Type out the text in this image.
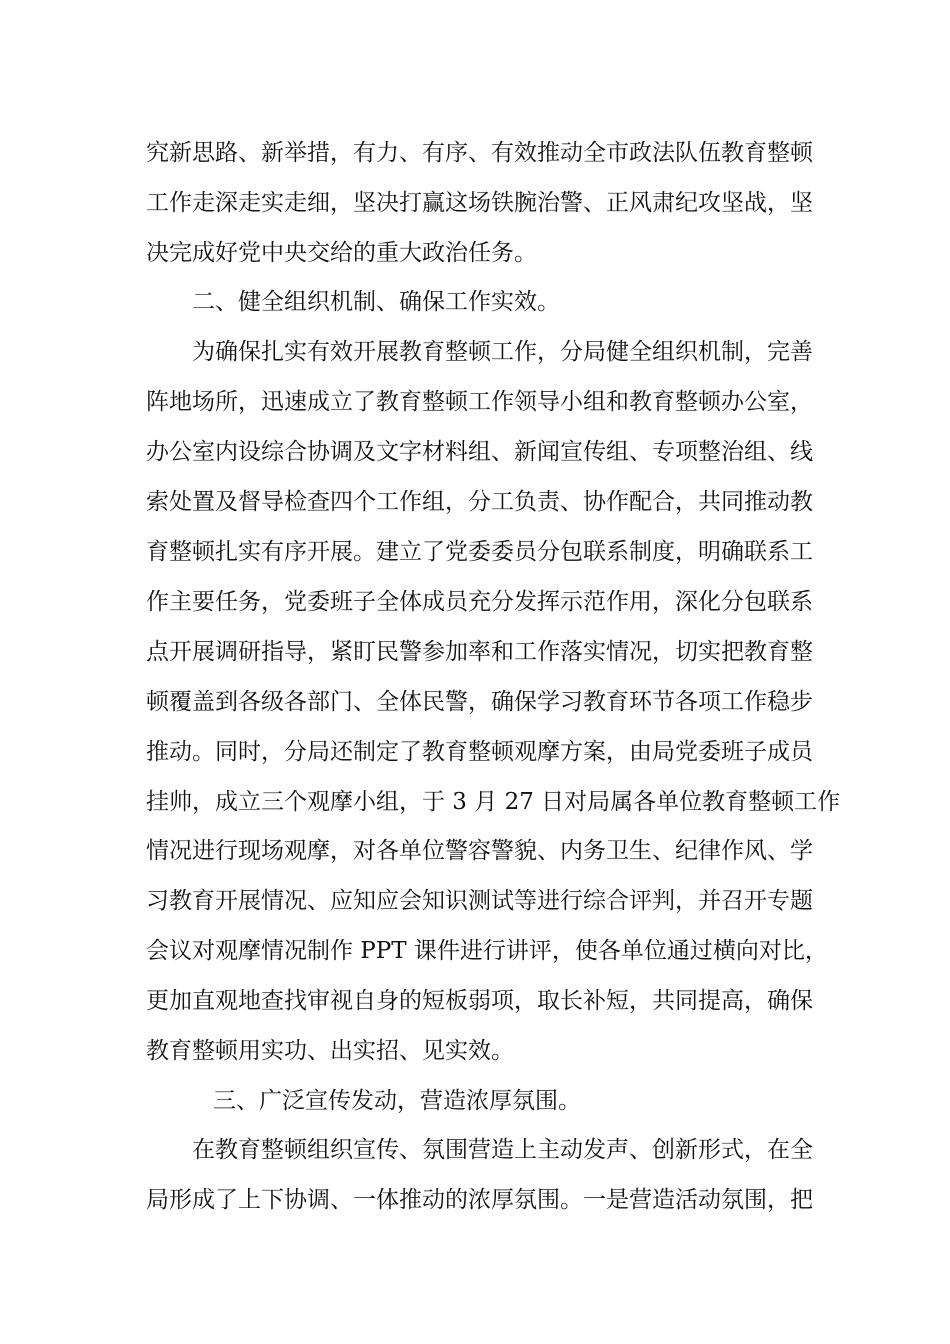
究新思路、新举措，有力、有序、有效推动全市政法队伍教育整顿
工作走深走实走细，坚决打赢这场铁腕治警、正风肃纪攻坚战，坚
决完成好党中央交给的重大政治任务。
二、健全组织机制、确保工作实效。
为确保扎实有效开展教育整顿工作，分局健全组织机制，完善
阵地场所，迅速成立了教育整顿工作领导小组和教育整顿办公室，
办公室内设综合协调及文字材料组、新闻宣传组、专项整治组、线
索处置及督导检查四个工作组，分工负责、协作配合，共同推动教
育整顿扎实有序开展。建立了党委委员分包联系制度，明确联系工
作主要任务，党委班子全体成员充分发挥示范作用，深化分包联系
点开展调研指导，紧盯民警参加率和工作落实情况，切实把教育整
顿覆盖到各级各部门、全体民警，确保学习教育环节各项工作稳步
推动。同时，分局还制定了教育整顿观摩方案，由局党委班子成员
挂帅，成立三个观摩小组，于 3 月 27 日对局属各单位教育整顿工作
情况进行现场观摩，对各单位警容警貌、内务卫生、纪律作风、学
习教育开展情况、应知应会知识测试等进行综合评判，并召开专题
会议对观摩情况制作 PPT 课件进行讲评，使各单位通过横向对比，
更加直观地查找审视自身的短板弱项，取长补短，共同提高，确保
教育整顿用实功、出实招、见实效。
三、广泛宣传发动，营造浓厚氛围。
在教育整顿组织宣传、氛围营造上主动发声、创新形式，在全
局形成了上下协调、一体推动的浓厚氛围。一是营造活动氛围，把
